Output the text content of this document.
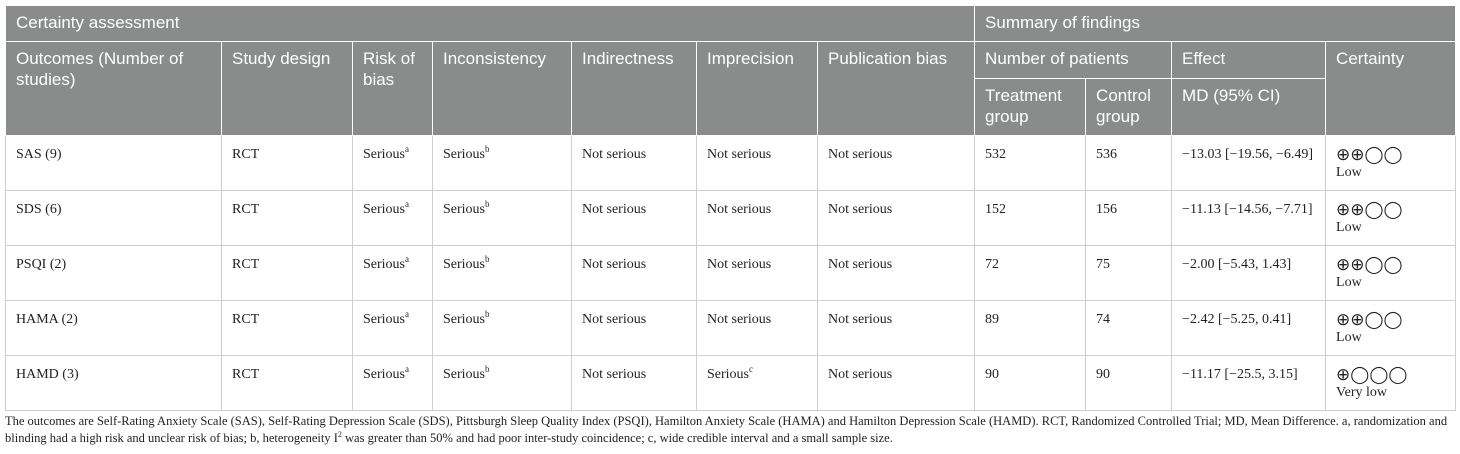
Certainty assessment							Summary of findings			
Outcomes (Number of studies)	Study design	Risk of bias	Inconsistency	Indirectness	Imprecision	Publication bias	Number of patients		Effect	Certainty
							Treatment group	Control group	MD (95% CI)	
SAS (9)	RCT	Serious$^a$	Serious$^b$	Not serious	Not serious	Not serious	532	536	−13.03 [−19.56, −6.49]	⊕⊕◯◯
Low

SDS (6)	RCT	Serious$^a$	Serious$^b$	Not serious	Not serious	Not serious	152	156	−11.13 [−14.56, −7.71]	⊕⊕◯◯
Low

PSQI (2)	RCT	Serious$^a$	Serious$^b$	Not serious	Not serious	Not serious	72	75	−2.00 [−5.43, 1.43]	⊕⊕◯◯
Low

HAMA (2)	RCT	Serious$^a$	Serious$^b$	Not serious	Not serious	Not serious	89	74	−2.42 [−5.25, 0.41]	⊕⊕◯◯
Low

HAMD (3)	RCT	Serious$^a$	Serious$^b$	Not serious	Serious$^c$	Not serious	90	90	−11.17 [−25.5, 3.15]	⊕◯◯◯
Very low

The outcomes are Self-Rating Anxiety Scale (SAS), Self-Rating Depression Scale (SDS), Pittsburgh Sleep Quality Index (PSQI), Hamilton Anxiety Scale (HAMA) and Hamilton Depression Scale (HAMD). RCT, Randomized Controlled Trial; MD, Mean Difference. a, randomization and blinding had a high risk and unclear risk of bias; b, heterogeneity $I^2$ was greater than 50% and had poor inter-study coincidence; c, wide credible interval and a small sample size.
